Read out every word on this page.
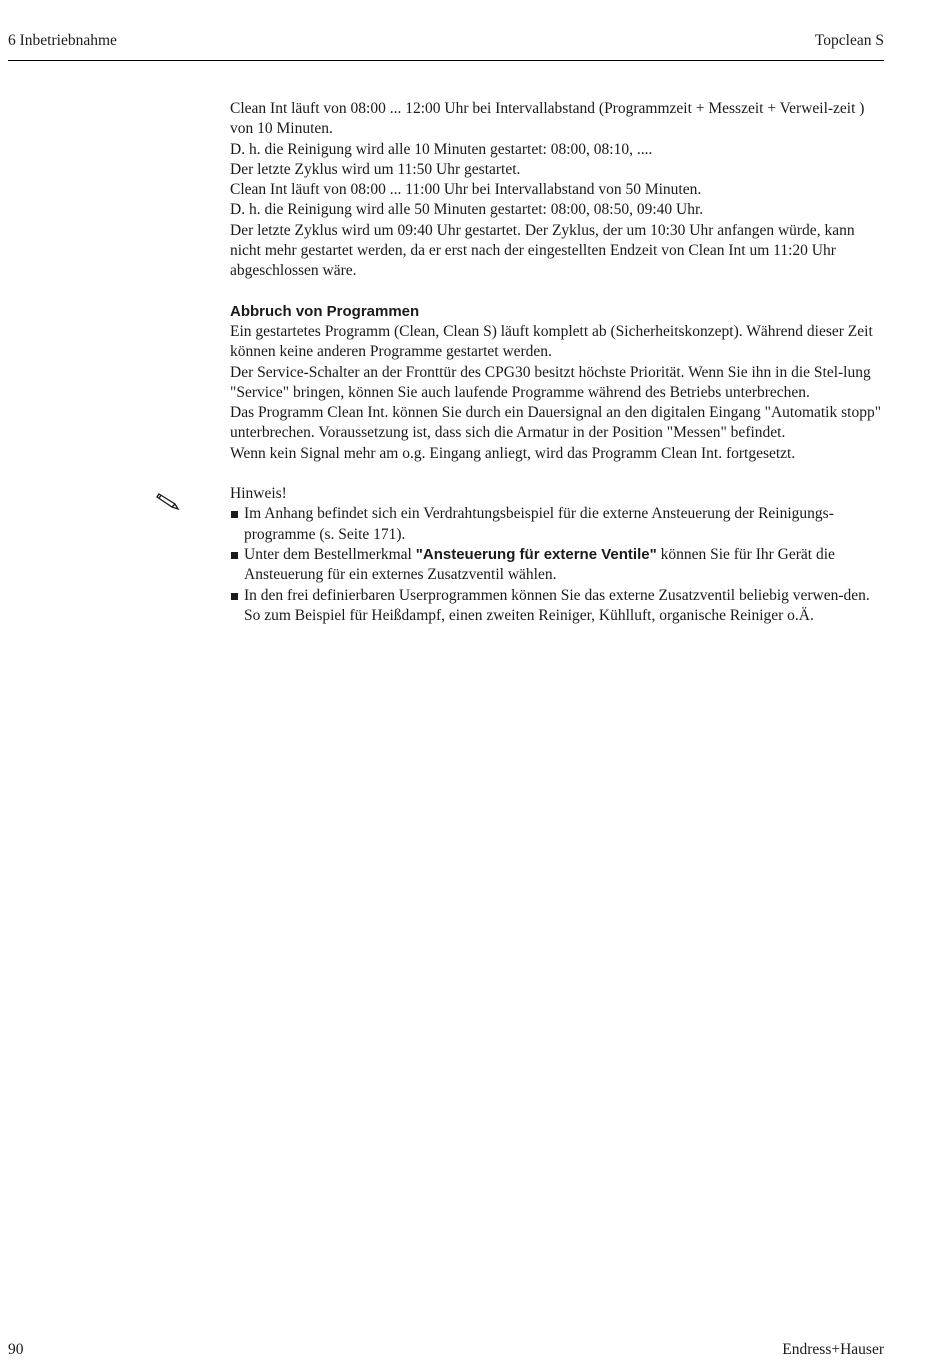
6 Inbetriebnahme	Topclean S

Clean Int läuft von 08:00 ... 12:00 Uhr bei Intervallabstand (Programmzeit + Messzeit + Verweil-zeit ) von 10 Minuten.

D. h. die Reinigung wird alle 10 Minuten gestartet: 08:00, 08:10, ....

Der letzte Zyklus wird um 11:50 Uhr gestartet.

Clean Int läuft von 08:00 ... 11:00 Uhr bei Intervallabstand von 50 Minuten.

D. h. die Reinigung wird alle 50 Minuten gestartet: 08:00, 08:50, 09:40 Uhr.

Der letzte Zyklus wird um 09:40 Uhr gestartet. Der Zyklus, der um 10:30 Uhr anfangen würde, kann nicht mehr gestartet werden, da er erst nach der eingestellten Endzeit von Clean Int um 11:20 Uhr abgeschlossen wäre.

Abbruch von Programmen

Ein gestartetes Programm (Clean, Clean S) läuft komplett ab (Sicherheitskonzept). Während dieser Zeit können keine anderen Programme gestartet werden.

Der Service-Schalter an der Fronttür des CPG30 besitzt höchste Priorität. Wenn Sie ihn in die Stel-lung "Service" bringen, können Sie auch laufende Programme während des Betriebs unterbrechen.

Das Programm Clean Int. können Sie durch ein Dauersignal an den digitalen Eingang "Automatik stopp" unterbrechen. Voraussetzung ist, dass sich die Armatur in der Position "Messen" befindet.

Wenn kein Signal mehr am o.g. Eingang anliegt, wird das Programm Clean Int. fortgesetzt.

Hinweis!

Im Anhang befindet sich ein Verdrahtungsbeispiel für die externe Ansteuerung der Reinigungs-programme (s. Seite 171).
Unter dem Bestellmerkmal "Ansteuerung für externe Ventile" können Sie für Ihr Gerät die Ansteuerung für ein externes Zusatzventil wählen.
In den frei definierbaren Userprogrammen können Sie das externe Zusatzventil beliebig verwen-den. So zum Beispiel für Heißdampf, einen zweiten Reiniger, Kühlluft, organische Reiniger o.Ä.
90	Endress+Hauser
